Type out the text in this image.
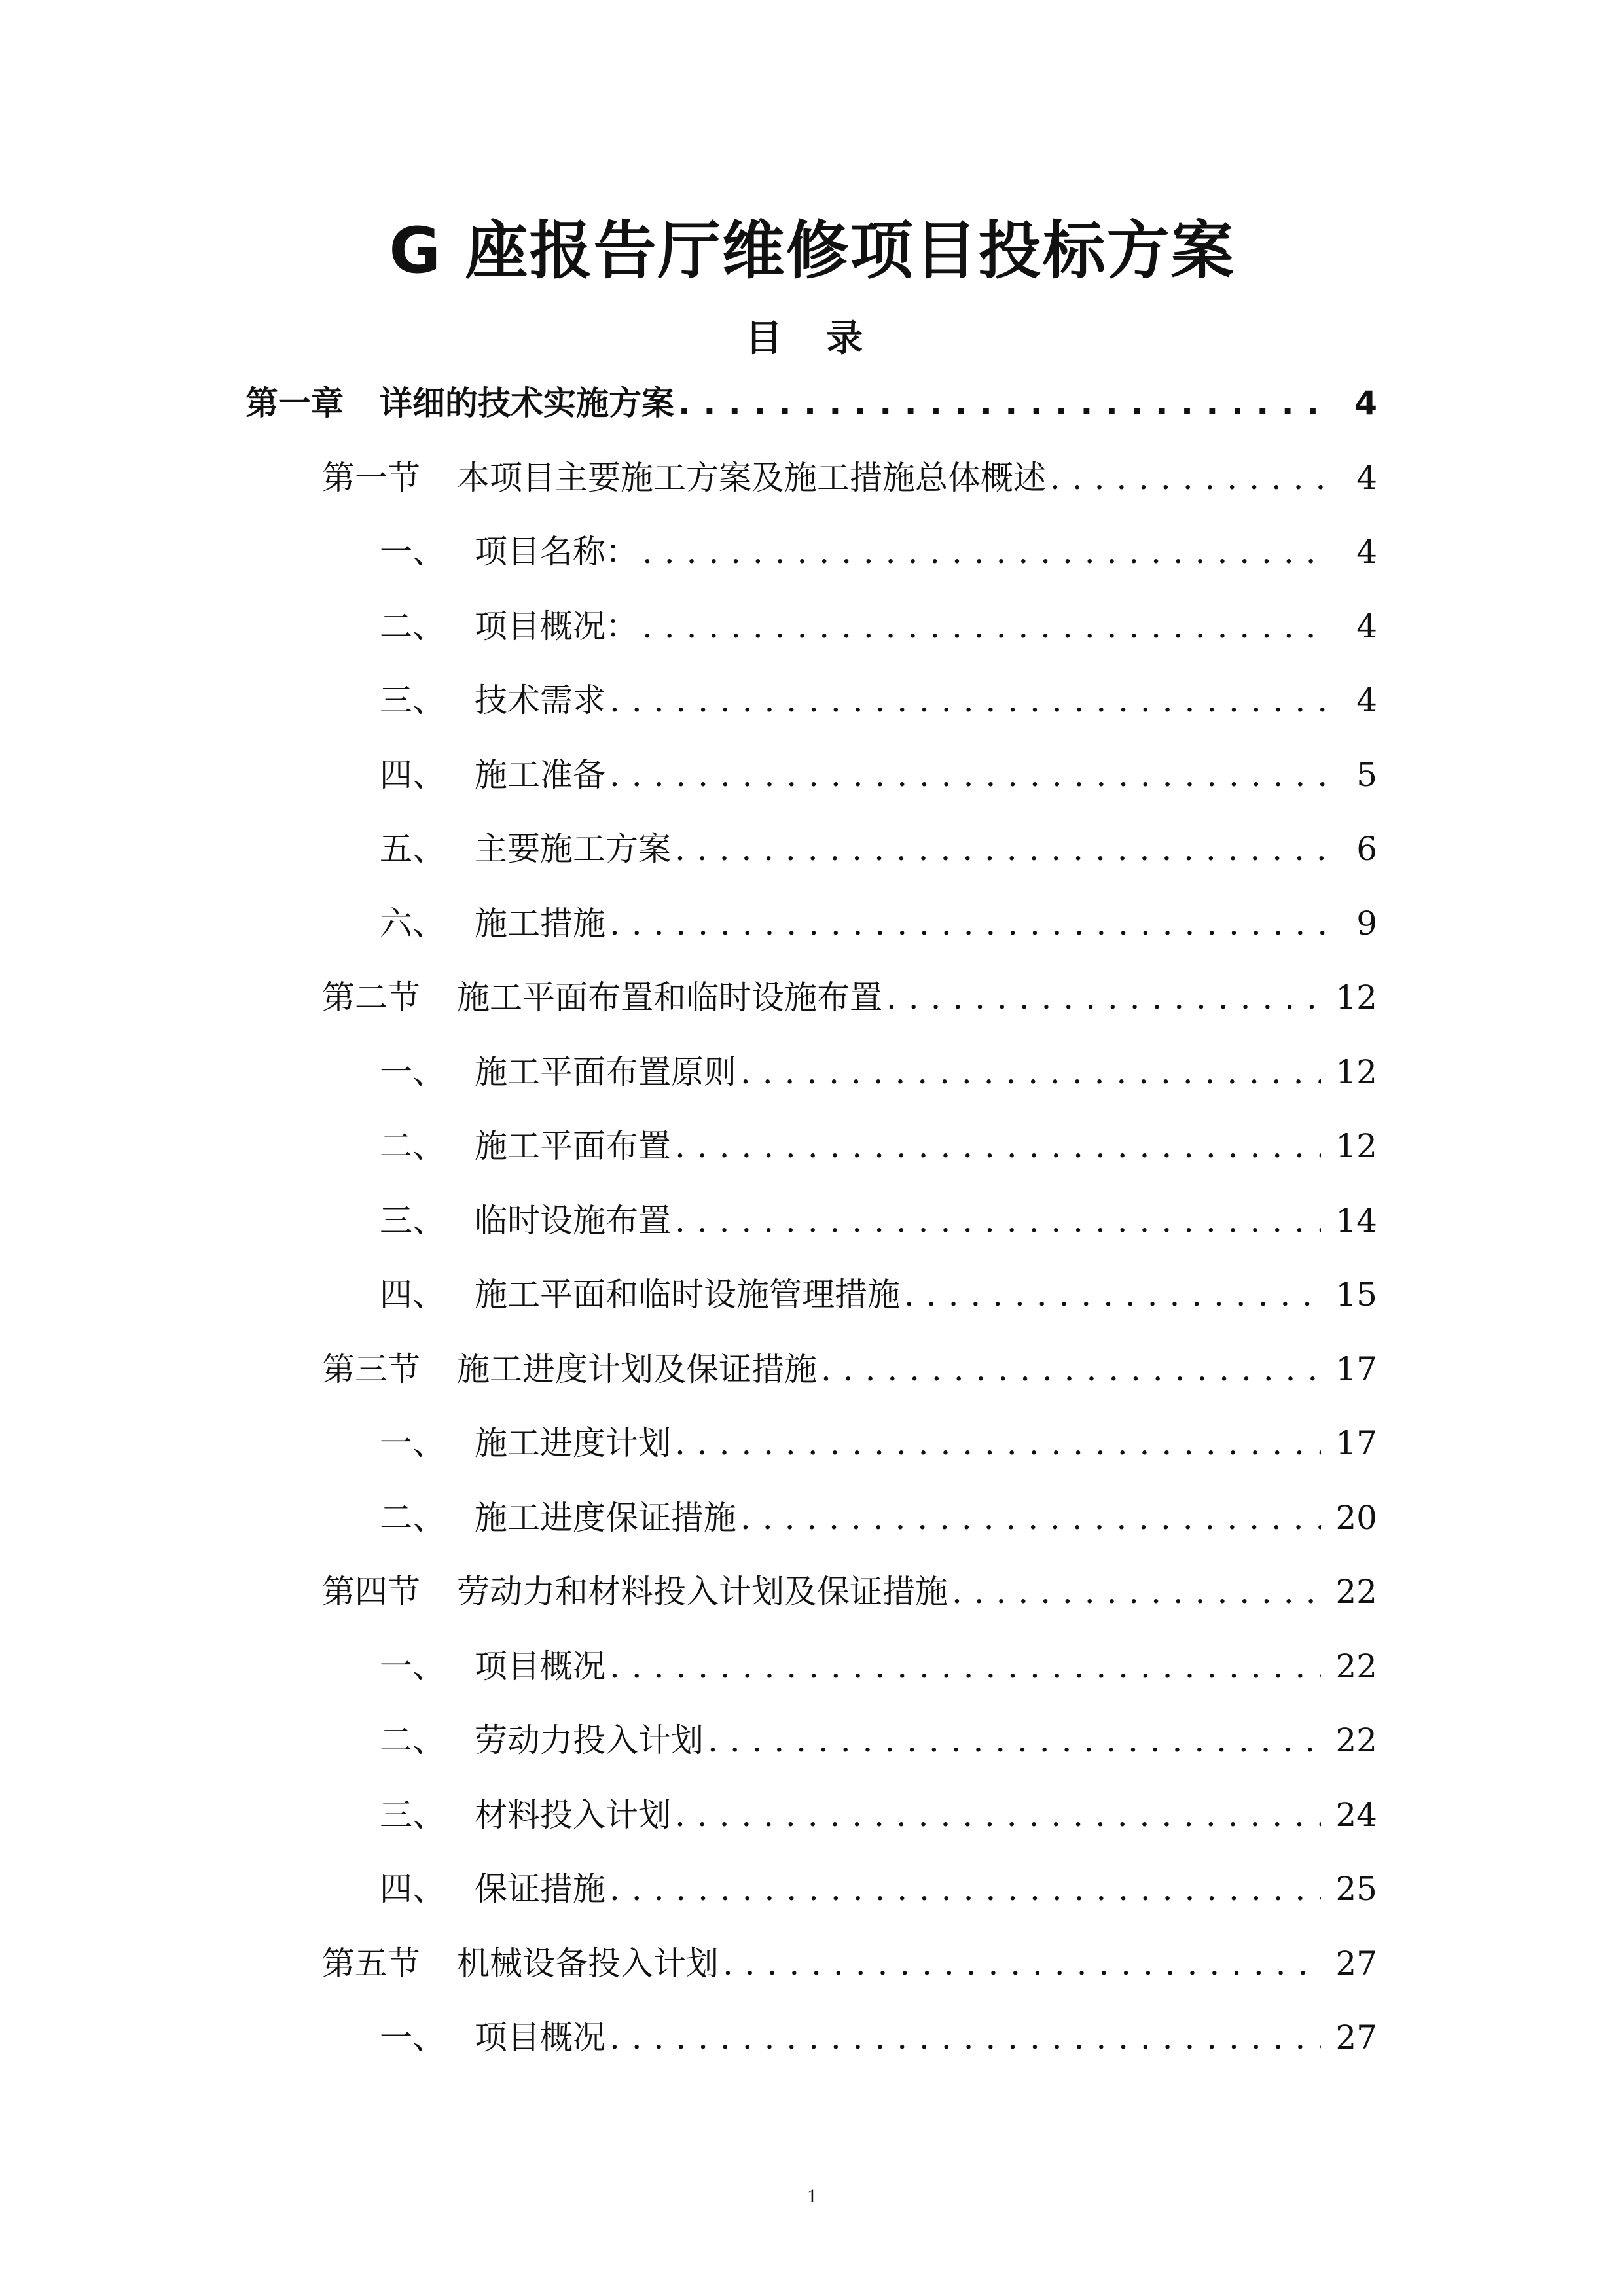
G 座报告厅维修项目投标方案
目 录
第一章	详细的技术实施方案 . . .	4
第一节	本项目主要施工方案及施工措施总体概述 . . .	4
一、 项目名称： . . .	4
二、 项目概况： . . .	4
三、 技术需求 . . .	4
四、 施工准备 . . .	5
五、 主要施工方案 . . .	6
六、 施工措施 . . .	9
第二节	施工平面布置和临时设施布置 . . .	12
一、 施工平面布置原则 . . .	12
二、 施工平面布置 . . .	12
三、 临时设施布置 . . .	14
四、 施工平面和临时设施管理措施 . . .	15
第三节	施工进度计划及保证措施 . . .	17
一、 施工进度计划 . . .	17
二、 施工进度保证措施 . . .	20
第四节	劳动力和材料投入计划及保证措施 . . .	22
一、 项目概况 . . .	22
二、 劳动力投入计划 . . .	22
三、 材料投入计划 . . .	24
四、 保证措施 . . .	25
第五节	机械设备投入计划 . . .	27
一、 项目概况 . . .	27
1
